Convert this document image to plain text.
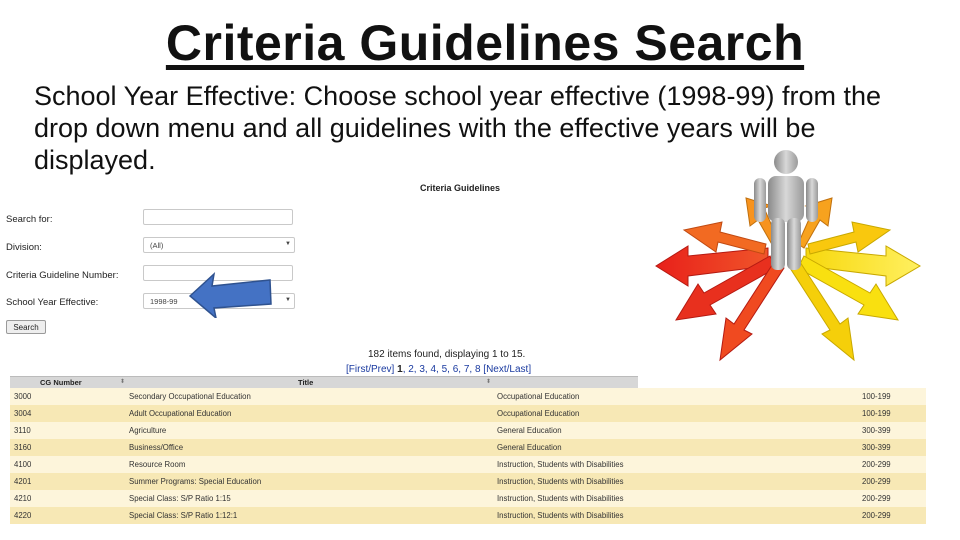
Criteria Guidelines Search
School Year Effective: Choose school year effective (1998-99) from the drop down menu and all guidelines with the effective years will be displayed.
Criteria Guidelines
Search for:
Division:	(All)	▼
Criteria Guideline Number:
School Year Effective:	1998-99	▼
Search
182 items found, displaying 1 to 15.
[First/Prev] 1, 2, 3, 4, 5, 6, 7, 8 [Next/Last]
CG Number	⬍	Title	⬍
3000	Secondary Occupational Education	Occupational Education	100-199
3004	Adult Occupational Education	Occupational Education	100-199
3110	Agriculture	General Education	300-399
3160	Business/Office	General Education	300-399
4100	Resource Room	Instruction, Students with Disabilities	200-299
4201	Summer Programs: Special Education	Instruction, Students with Disabilities	200-299
4210	Special Class: S/P Ratio 1:15	Instruction, Students with Disabilities	200-299
4220	Special Class: S/P Ratio 1:12:1	Instruction, Students with Disabilities	200-299
